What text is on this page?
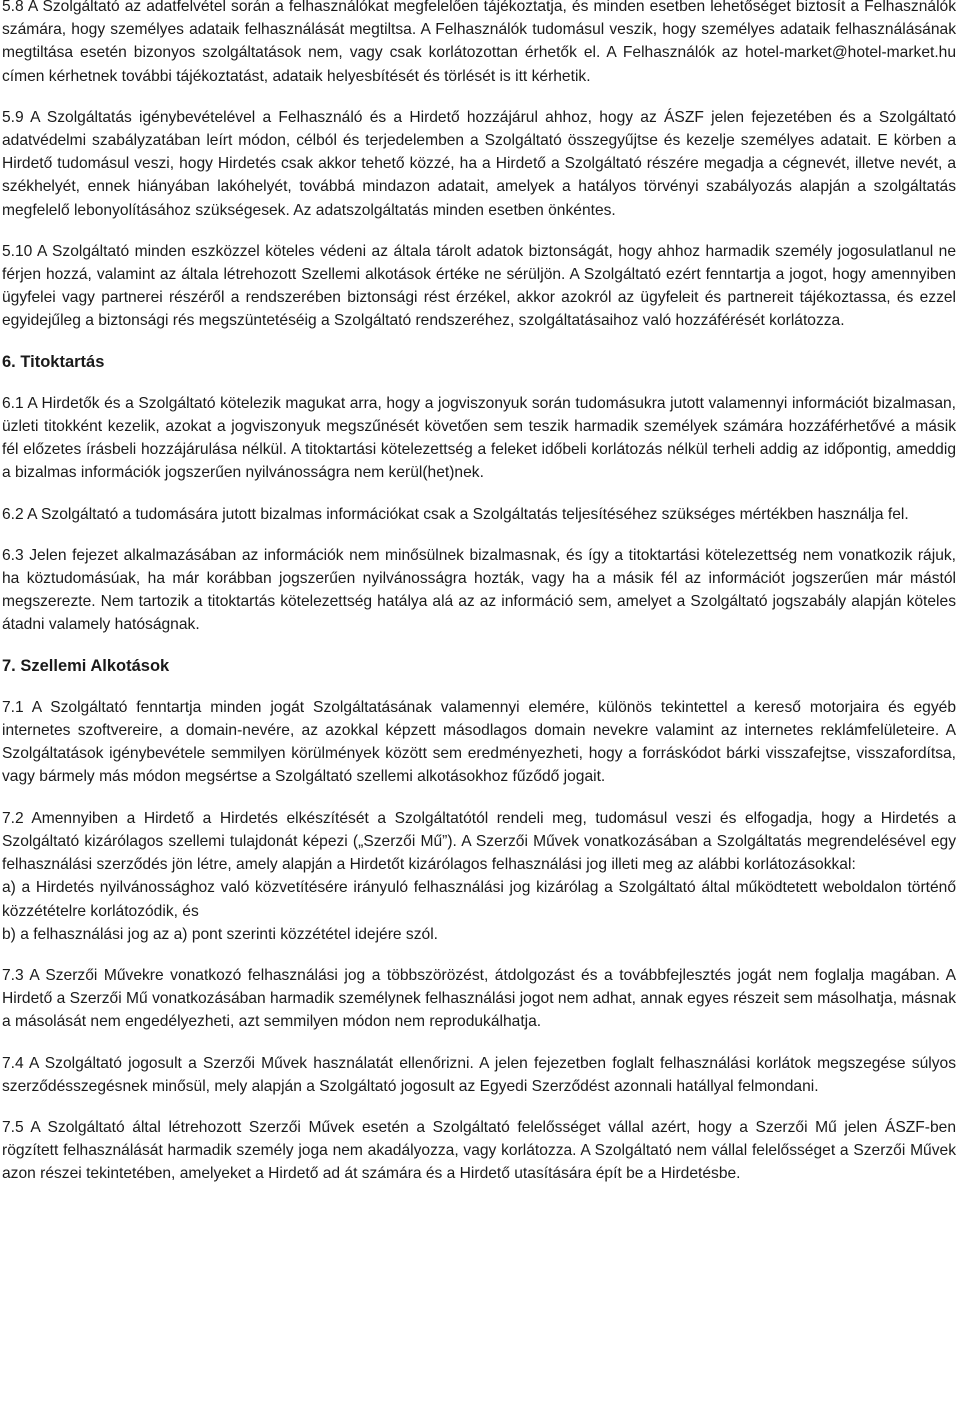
5.8 A Szolgáltató az adatfelvétel során a felhasználókat megfelelően tájékoztatja, és minden esetben lehetőséget biztosít a Felhasználók számára, hogy személyes adataik felhasználását megtiltsa. A Felhasználók tudomásul veszik, hogy személyes adataik felhasználásának megtiltása esetén bizonyos szolgáltatások nem, vagy csak korlátozottan érhetők el. A Felhasználók az hotel-market@hotel-market.hu címen kérhetnek további tájékoztatást, adataik helyesbítését és törlését is itt kérhetik.

5.9 A Szolgáltatás igénybevételével a Felhasználó és a Hirdető hozzájárul ahhoz, hogy az ÁSZF jelen fejezetében és a Szolgáltató adatvédelmi szabályzatában leírt módon, célból és terjedelemben a Szolgáltató összegyűjtse és kezelje személyes adatait. E körben a Hirdető tudomásul veszi, hogy Hirdetés csak akkor tehető közzé, ha a Hirdető a Szolgáltató részére megadja a cégnevét, illetve nevét, a székhelyét, ennek hiányában lakóhelyét, továbbá mindazon adatait, amelyek a hatályos törvényi szabályozás alapján a szolgáltatás megfelelő lebonyolításához szükségesek. Az adatszolgáltatás minden esetben önkéntes.

5.10 A Szolgáltató minden eszközzel köteles védeni az általa tárolt adatok biztonságát, hogy ahhoz harmadik személy jogosulatlanul ne férjen hozzá, valamint az általa létrehozott Szellemi alkotások értéke ne sérüljön. A Szolgáltató ezért fenntartja a jogot, hogy amennyiben ügyfelei vagy partnerei részéről a rendszerében biztonsági rést érzékel, akkor azokról az ügyfeleit és partnereit tájékoztassa, és ezzel egyidejűleg a biztonsági rés megszüntetéséig a Szolgáltató rendszeréhez, szolgáltatásaihoz való hozzáférését korlátozza.

6. Titoktartás

6.1 A Hirdetők és a Szolgáltató kötelezik magukat arra, hogy a jogviszonyuk során tudomásukra jutott valamennyi információt bizalmasan, üzleti titokként kezelik, azokat a jogviszonyuk megszűnését követően sem teszik harmadik személyek számára hozzáférhetővé a másik fél előzetes írásbeli hozzájárulása nélkül. A titoktartási kötelezettség a feleket időbeli korlátozás nélkül terheli addig az időpontig, ameddig a bizalmas információk jogszerűen nyilvánosságra nem kerül(het)nek.

6.2 A Szolgáltató a tudomására jutott bizalmas információkat csak a Szolgáltatás teljesítéséhez szükséges mértékben használja fel.

6.3 Jelen fejezet alkalmazásában az információk nem minősülnek bizalmasnak, és így a titoktartási kötelezettség nem vonatkozik rájuk, ha köztudomásúak, ha már korábban jogszerűen nyilvánosságra hozták, vagy ha a másik fél az információt jogszerűen már mástól megszerezte. Nem tartozik a titoktartás kötelezettség hatálya alá az az információ sem, amelyet a Szolgáltató jogszabály alapján köteles átadni valamely hatóságnak.

7. Szellemi Alkotások

7.1 A Szolgáltató fenntartja minden jogát Szolgáltatásának valamennyi elemére, különös tekintettel a kereső motorjaira és egyéb internetes szoftvereire, a domain-nevére, az azokkal képzett másodlagos domain nevekre valamint az internetes reklámfelületeire. A Szolgáltatások igénybevétele semmilyen körülmények között sem eredményezheti, hogy a forráskódot bárki visszafejtse, visszafordítsa, vagy bármely más módon megsértse a Szolgáltató szellemi alkotásokhoz fűződő jogait.

7.2 Amennyiben a Hirdető a Hirdetés elkészítését a Szolgáltatótól rendeli meg, tudomásul veszi és elfogadja, hogy a Hirdetés a Szolgáltató kizárólagos szellemi tulajdonát képezi („Szerzői Mű”). A Szerzői Művek vonatkozásában a Szolgáltatás megrendelésével egy felhasználási szerződés jön létre, amely alapján a Hirdetőt kizárólagos felhasználási jog illeti meg az alábbi korlátozásokkal:
a) a Hirdetés nyilvánossághoz való közvetítésére irányuló felhasználási jog kizárólag a Szolgáltató által működtetett weboldalon történő közzétételre korlátozódik, és
b) a felhasználási jog az a) pont szerinti közzététel idejére szól.

7.3 A Szerzői Művekre vonatkozó felhasználási jog a többszörözést, átdolgozást és a továbbfejlesztés jogát nem foglalja magában. A Hirdető a Szerzői Mű vonatkozásában harmadik személynek felhasználási jogot nem adhat, annak egyes részeit sem másolhatja, másnak a másolását nem engedélyezheti, azt semmilyen módon nem reprodukálhatja.

7.4 A Szolgáltató jogosult a Szerzői Művek használatát ellenőrizni. A jelen fejezetben foglalt felhasználási korlátok megszegése súlyos szerződésszegésnek minősül, mely alapján a Szolgáltató jogosult az Egyedi Szerződést azonnali hatállyal felmondani.

7.5 A Szolgáltató által létrehozott Szerzői Művek esetén a Szolgáltató felelősséget vállal azért, hogy a Szerzői Mű jelen ÁSZF-ben rögzített felhasználását harmadik személy joga nem akadályozza, vagy korlátozza. A Szolgáltató nem vállal felelősséget a Szerzői Művek azon részei tekintetében, amelyeket a Hirdető ad át számára és a Hirdető utasítására épít be a Hirdetésbe.
